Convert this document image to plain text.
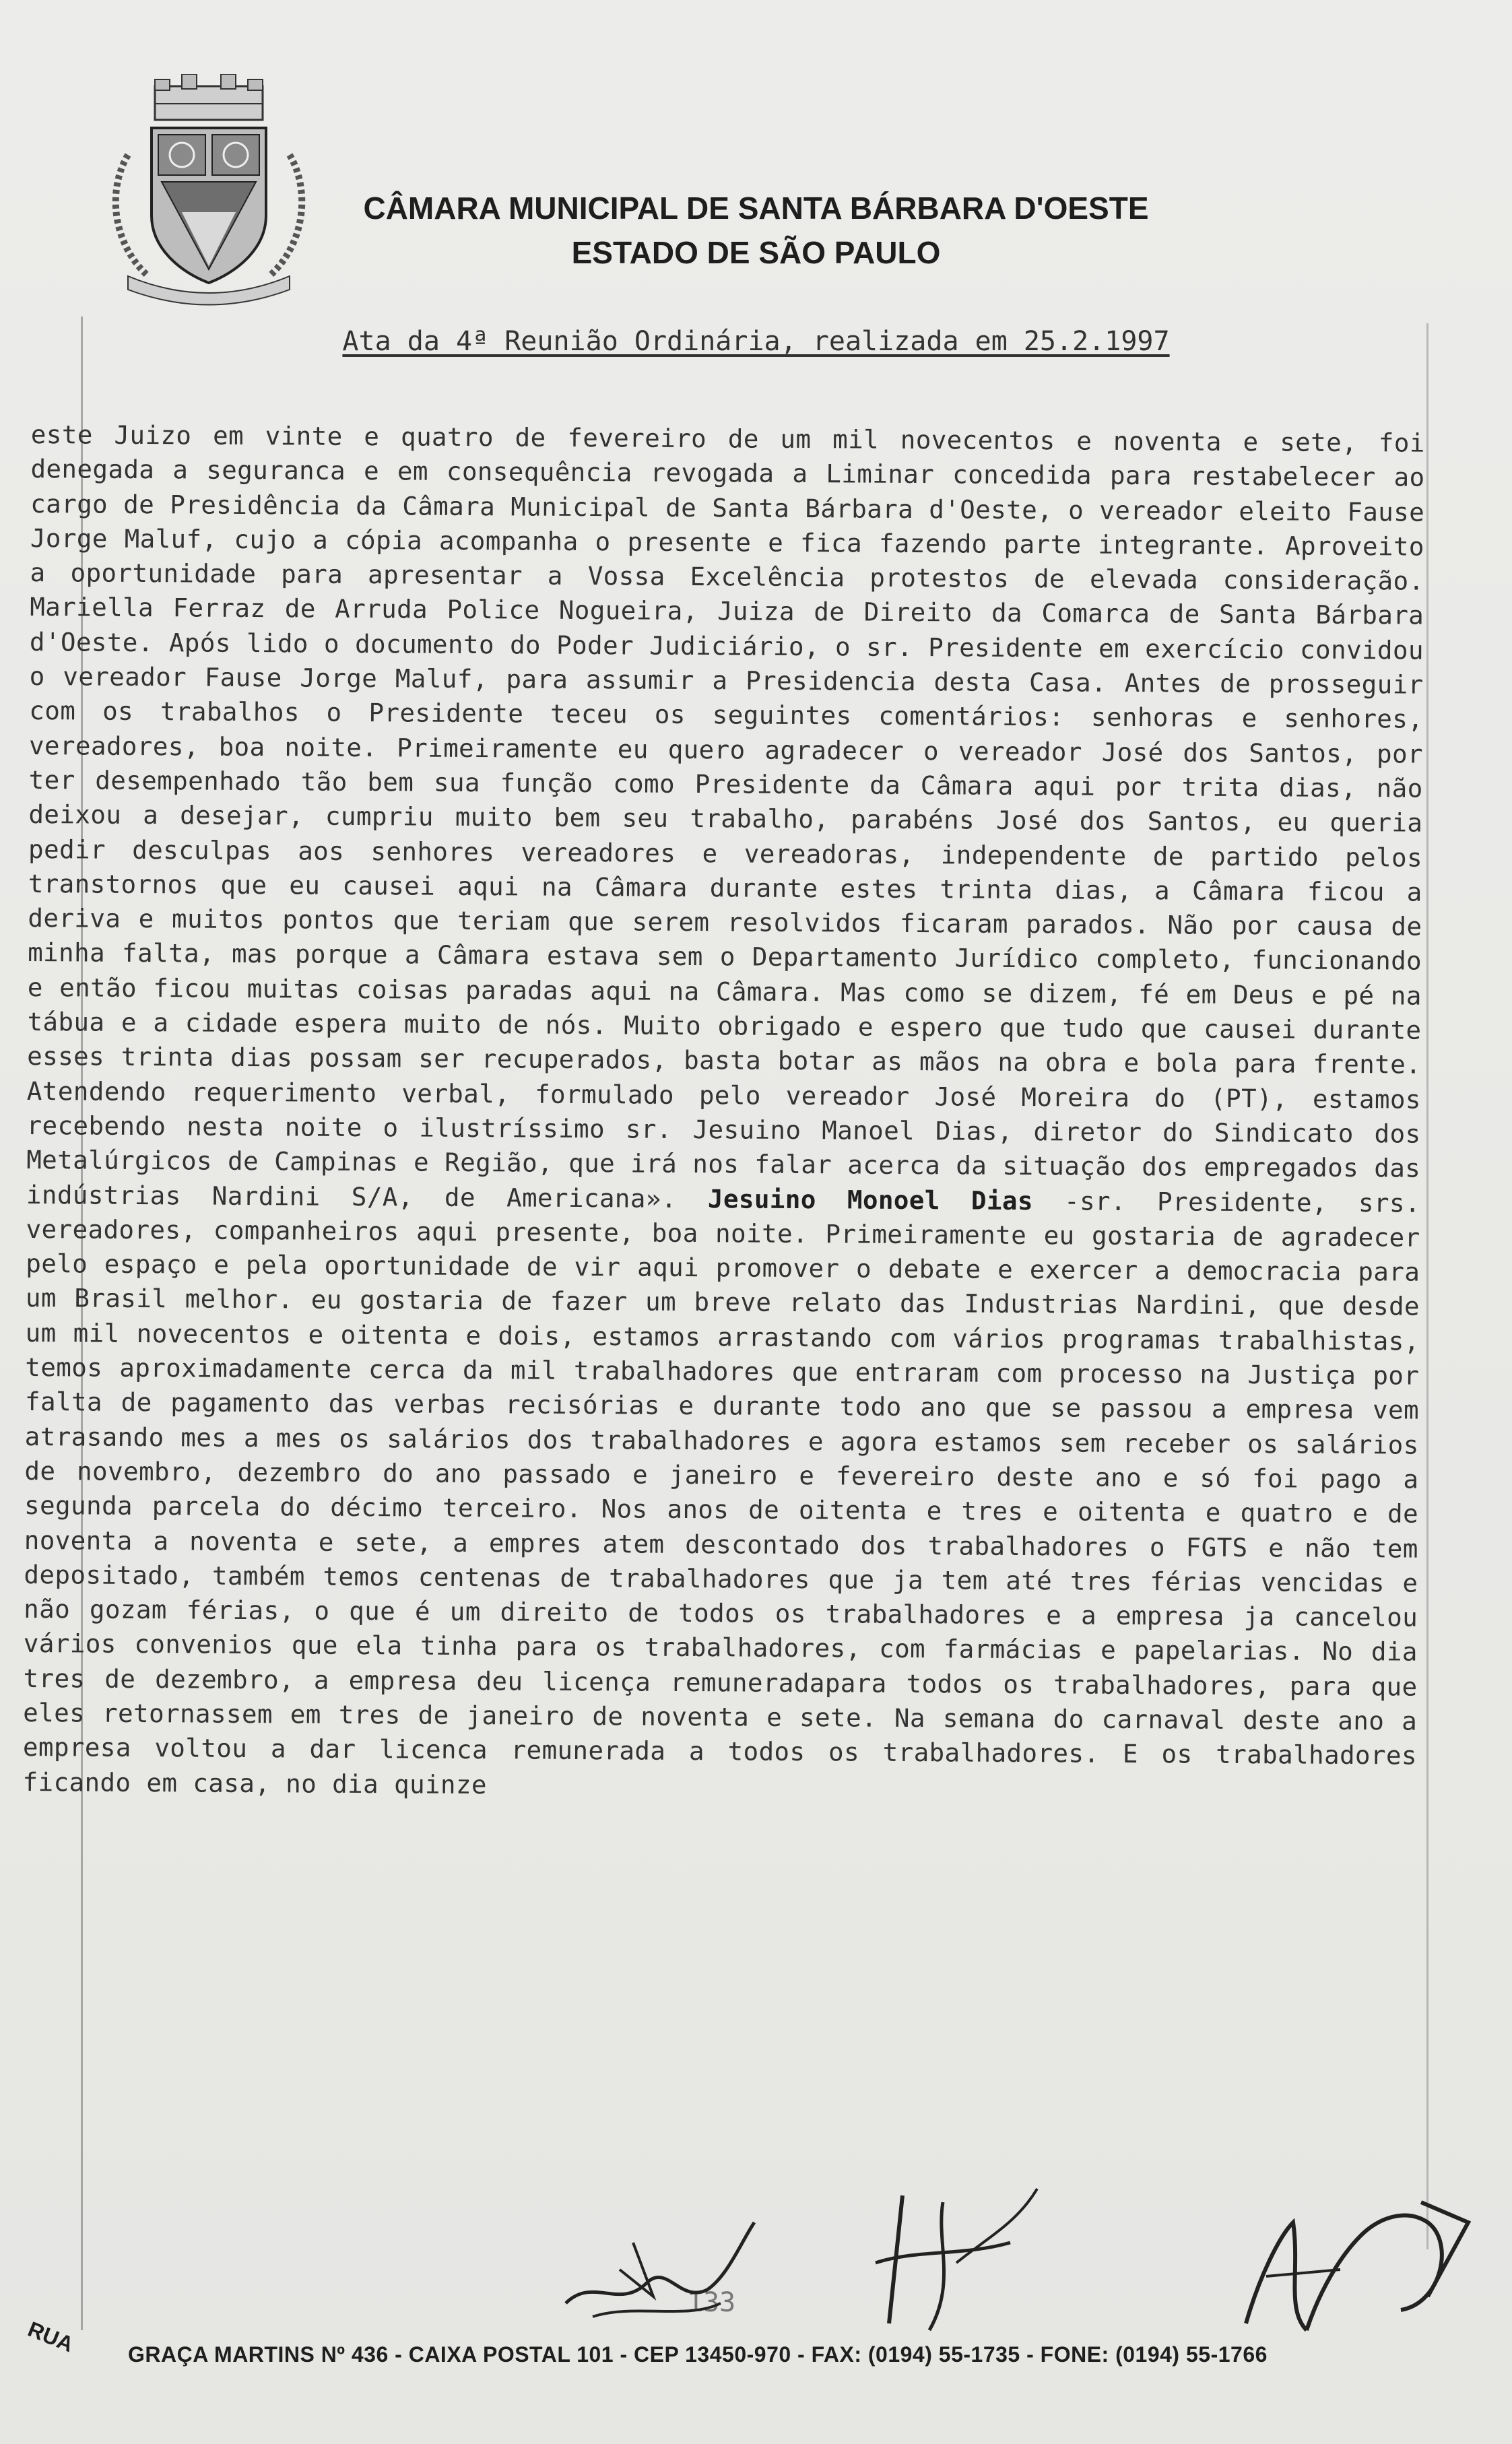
CÂMARA MUNICIPAL DE SANTA BÁRBARA D'OESTE
ESTADO DE SÃO PAULO
Ata da 4ª Reunião Ordinária, realizada em 25.2.1997

este Juizo em vinte e quatro de fevereiro de um mil novecentos e noventa e sete, foi denegada a seguranca e em consequência revogada a Liminar concedida para restabelecer ao cargo de Presidência da Câmara Municipal de Santa Bárbara d'Oeste, o vereador eleito Fause Jorge Maluf, cujo a cópia acompanha o presente e fica fazendo parte integrante. Aproveito a oportunidade para apresentar a Vossa Excelência protestos de elevada consideração. Mariella Ferraz de Arruda Police Nogueira, Juiza de Direito da Comarca de Santa Bárbara d'Oeste. Após lido o documento do Poder Judiciário, o sr. Presidente em exercício convidou o vereador Fause Jorge Maluf, para assumir a Presidencia desta Casa. Antes de prosseguir com os trabalhos o Presidente teceu os seguintes comentários: senhoras e senhores, vereadores, boa noite. Primeiramente eu quero agradecer o vereador José dos Santos, por ter desempenhado tão bem sua função como Presidente da Câmara aqui por trita dias, não deixou a desejar, cumpriu muito bem seu trabalho, parabéns José dos Santos, eu queria pedir desculpas aos senhores vereadores e vereadoras, independente de partido pelos transtornos que eu causei aqui na Câmara durante estes trinta dias, a Câmara ficou a deriva e muitos pontos que teriam que serem resolvidos ficaram parados. Não por causa de minha falta, mas porque a Câmara estava sem o Departamento Jurídico completo, funcionando e então ficou muitas coisas paradas aqui na Câmara. Mas como se dizem, fé em Deus e pé na tábua e a cidade espera muito de nós. Muito obrigado e espero que tudo que causei durante esses trinta dias possam ser recuperados, basta botar as mãos na obra e bola para frente. Atendendo requerimento verbal, formulado pelo vereador José Moreira do (PT), estamos recebendo nesta noite o ilustríssimo sr. Jesuino Manoel Dias, diretor do Sindicato dos Metalúrgicos de Campinas e Região, que irá nos falar acerca da situação dos empregados das indústrias Nardini S/A, de Americana». Jesuino Monoel Dias -sr. Presidente, srs. vereadores, companheiros aqui presente, boa noite. Primeiramente eu gostaria de agradecer pelo espaço e pela oportunidade de vir aqui promover o debate e exercer a democracia para um Brasil melhor. eu gostaria de fazer um breve relato das Industrias Nardini, que desde um mil novecentos e oitenta e dois, estamos arrastando com vários programas trabalhistas, temos aproximadamente cerca da mil trabalhadores que entraram com processo na Justiça por falta de pagamento das verbas recisórias e durante todo ano que se passou a empresa vem atrasando mes a mes os salários dos trabalhadores e agora estamos sem receber os salários de novembro, dezembro do ano passado e janeiro e fevereiro deste ano e só foi pago a segunda parcela do décimo terceiro. Nos anos de oitenta e tres e oitenta e quatro e de noventa a noventa e sete, a empres atem descontado dos trabalhadores o FGTS e não tem depositado, também temos centenas de trabalhadores que ja tem até tres férias vencidas e não gozam férias, o que é um direito de todos os trabalhadores e a empresa ja cancelou vários convenios que ela tinha para os trabalhadores, com farmácias e papelarias. No dia tres de dezembro, a empresa deu licença remuneradapara todos os trabalhadores, para que eles retornassem em tres de janeiro de noventa e sete. Na semana do carnaval deste ano a empresa voltou a dar licenca remunerada a todos os trabalhadores. E os trabalhadores ficando em casa, no dia quinze

133
RUA GRAÇA MARTINS Nº 436 - CAIXA POSTAL 101 - CEP 13450-970 - FAX: (0194) 55-1735 - FONE: (0194) 55-1766
